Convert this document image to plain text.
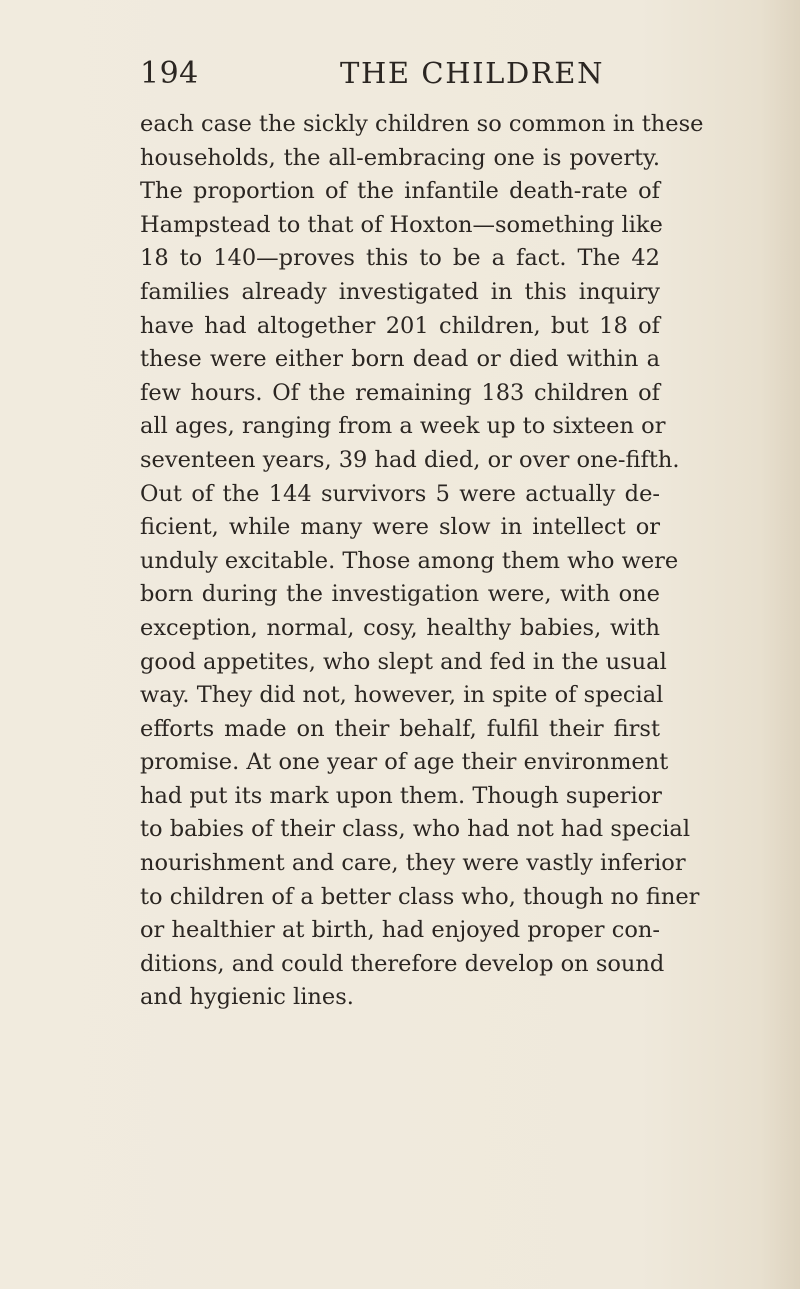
194	THE CHILDREN
each case the sickly children so common in these
households, the all-embracing one is poverty.
The proportion of the infantile death-rate of
Hampstead to that of Hoxton—something like
18 to 140—proves this to be a fact. The 42
families already investigated in this inquiry
have had altogether 201 children, but 18 of
these were either born dead or died within a
few hours. Of the remaining 183 children of
all ages, ranging from a week up to sixteen or
seventeen years, 39 had died, or over one-fifth.
Out of the 144 survivors 5 were actually de-
ficient, while many were slow in intellect or
unduly excitable. Those among them who were
born during the investigation were, with one
exception, normal, cosy, healthy babies, with
good appetites, who slept and fed in the usual
way. They did not, however, in spite of special
efforts made on their behalf, fulfil their first
promise. At one year of age their environment
had put its mark upon them. Though superior
to babies of their class, who had not had special
nourishment and care, they were vastly inferior
to children of a better class who, though no finer
or healthier at birth, had enjoyed proper con-
ditions, and could therefore develop on sound
and hygienic lines.
